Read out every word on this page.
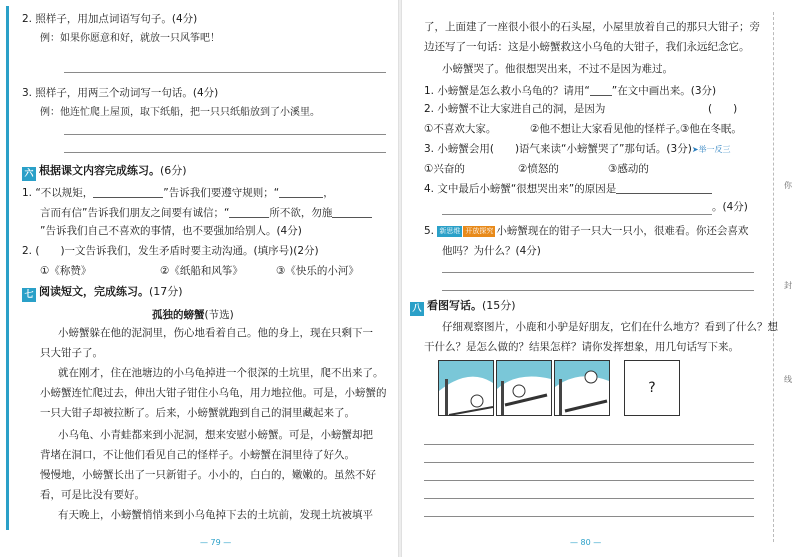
2. 照样子，用加点词语写句子。(4分)
例：如果你愿意和好，就放一只风筝吧！
3. 照样子，用两三个动词写一句话。(4分)
例：他连忙爬上屋顶，取下纸船，把一只只纸船放到了小溪里。
六 根据课文内容完成练习。(6分)
1. “不以规矩，	”告诉我们要遵守规则；“	，
言而有信”告诉我们朋友之间要有诚信；“	所不欲，勿施
”告诉我们自己不喜欢的事情，也不要强加给别人。(4分)
2. (　　)一文告诉我们，发生矛盾时要主动沟通。(填序号)(2分)
①《称赞》	②《纸船和风筝》	③《快乐的小河》
七 阅读短文，完成练习。(17分)
孤独的螃蟹(节选)
小螃蟹躲在他的泥洞里，伤心地看着自己。他的身上，现在只剩下一
只大钳子了。
就在刚才，住在池塘边的小乌龟掉进一个很深的土坑里，爬不出来了。
小螃蟹连忙爬过去，伸出大钳子钳住小乌龟，用力地拉他。可是，小螃蟹的
一只大钳子却被拉断了。后来，小螃蟹就跑到自己的洞里藏起来了。
小乌龟、小青蛙都来到小泥洞，想来安慰小螃蟹。可是，小螃蟹却把
背堵在洞口，不让他们看见自己的怪样子。小螃蟹在洞里待了好久。
慢慢地，小螃蟹长出了一只新钳子。小小的，白白的，嫩嫩的。虽然不好
看，可是比没有要好。
有天晚上，小螃蟹悄悄来到小乌龟掉下去的土坑前，发现土坑被填平
— 79 —
你
封
线
了，上面建了一座很小很小的石头屋，小屋里放着自己的那只大钳子；旁
边还写了一句话：这是小螃蟹救这小乌龟的大钳子，我们永远纪念它。
小螃蟹哭了。他很想哭出来，不过不是因为难过。
1. 小螃蟹是怎么救小乌龟的？请用“ ”在文中画出来。(3分)
2. 小螃蟹不让大家进自己的洞，是因为	(　　)
①不喜欢大家。	②他不想让大家看见他的怪样子。
③他在冬眠。
3. 小螃蟹会用(　　)语气来读“小螃蟹哭了”那句话。(3分)➤举一反三
①兴奋的	②愤怒的	③感动的
4. 文中最后小螃蟹“很想哭出来”的原因是
。(4分)
5. 新思维 开放探究 小螃蟹现在的钳子一只大一只小，很难看。你还会喜欢
他吗？为什么？(4分)
八 看图写话。(15分)
仔细观察图片，小鹿和小驴是好朋友，它们在什么地方？看到了什么？想
干什么？是怎么做的？结果怎样？请你发挥想象，用几句话写下来。
?
— 80 —
